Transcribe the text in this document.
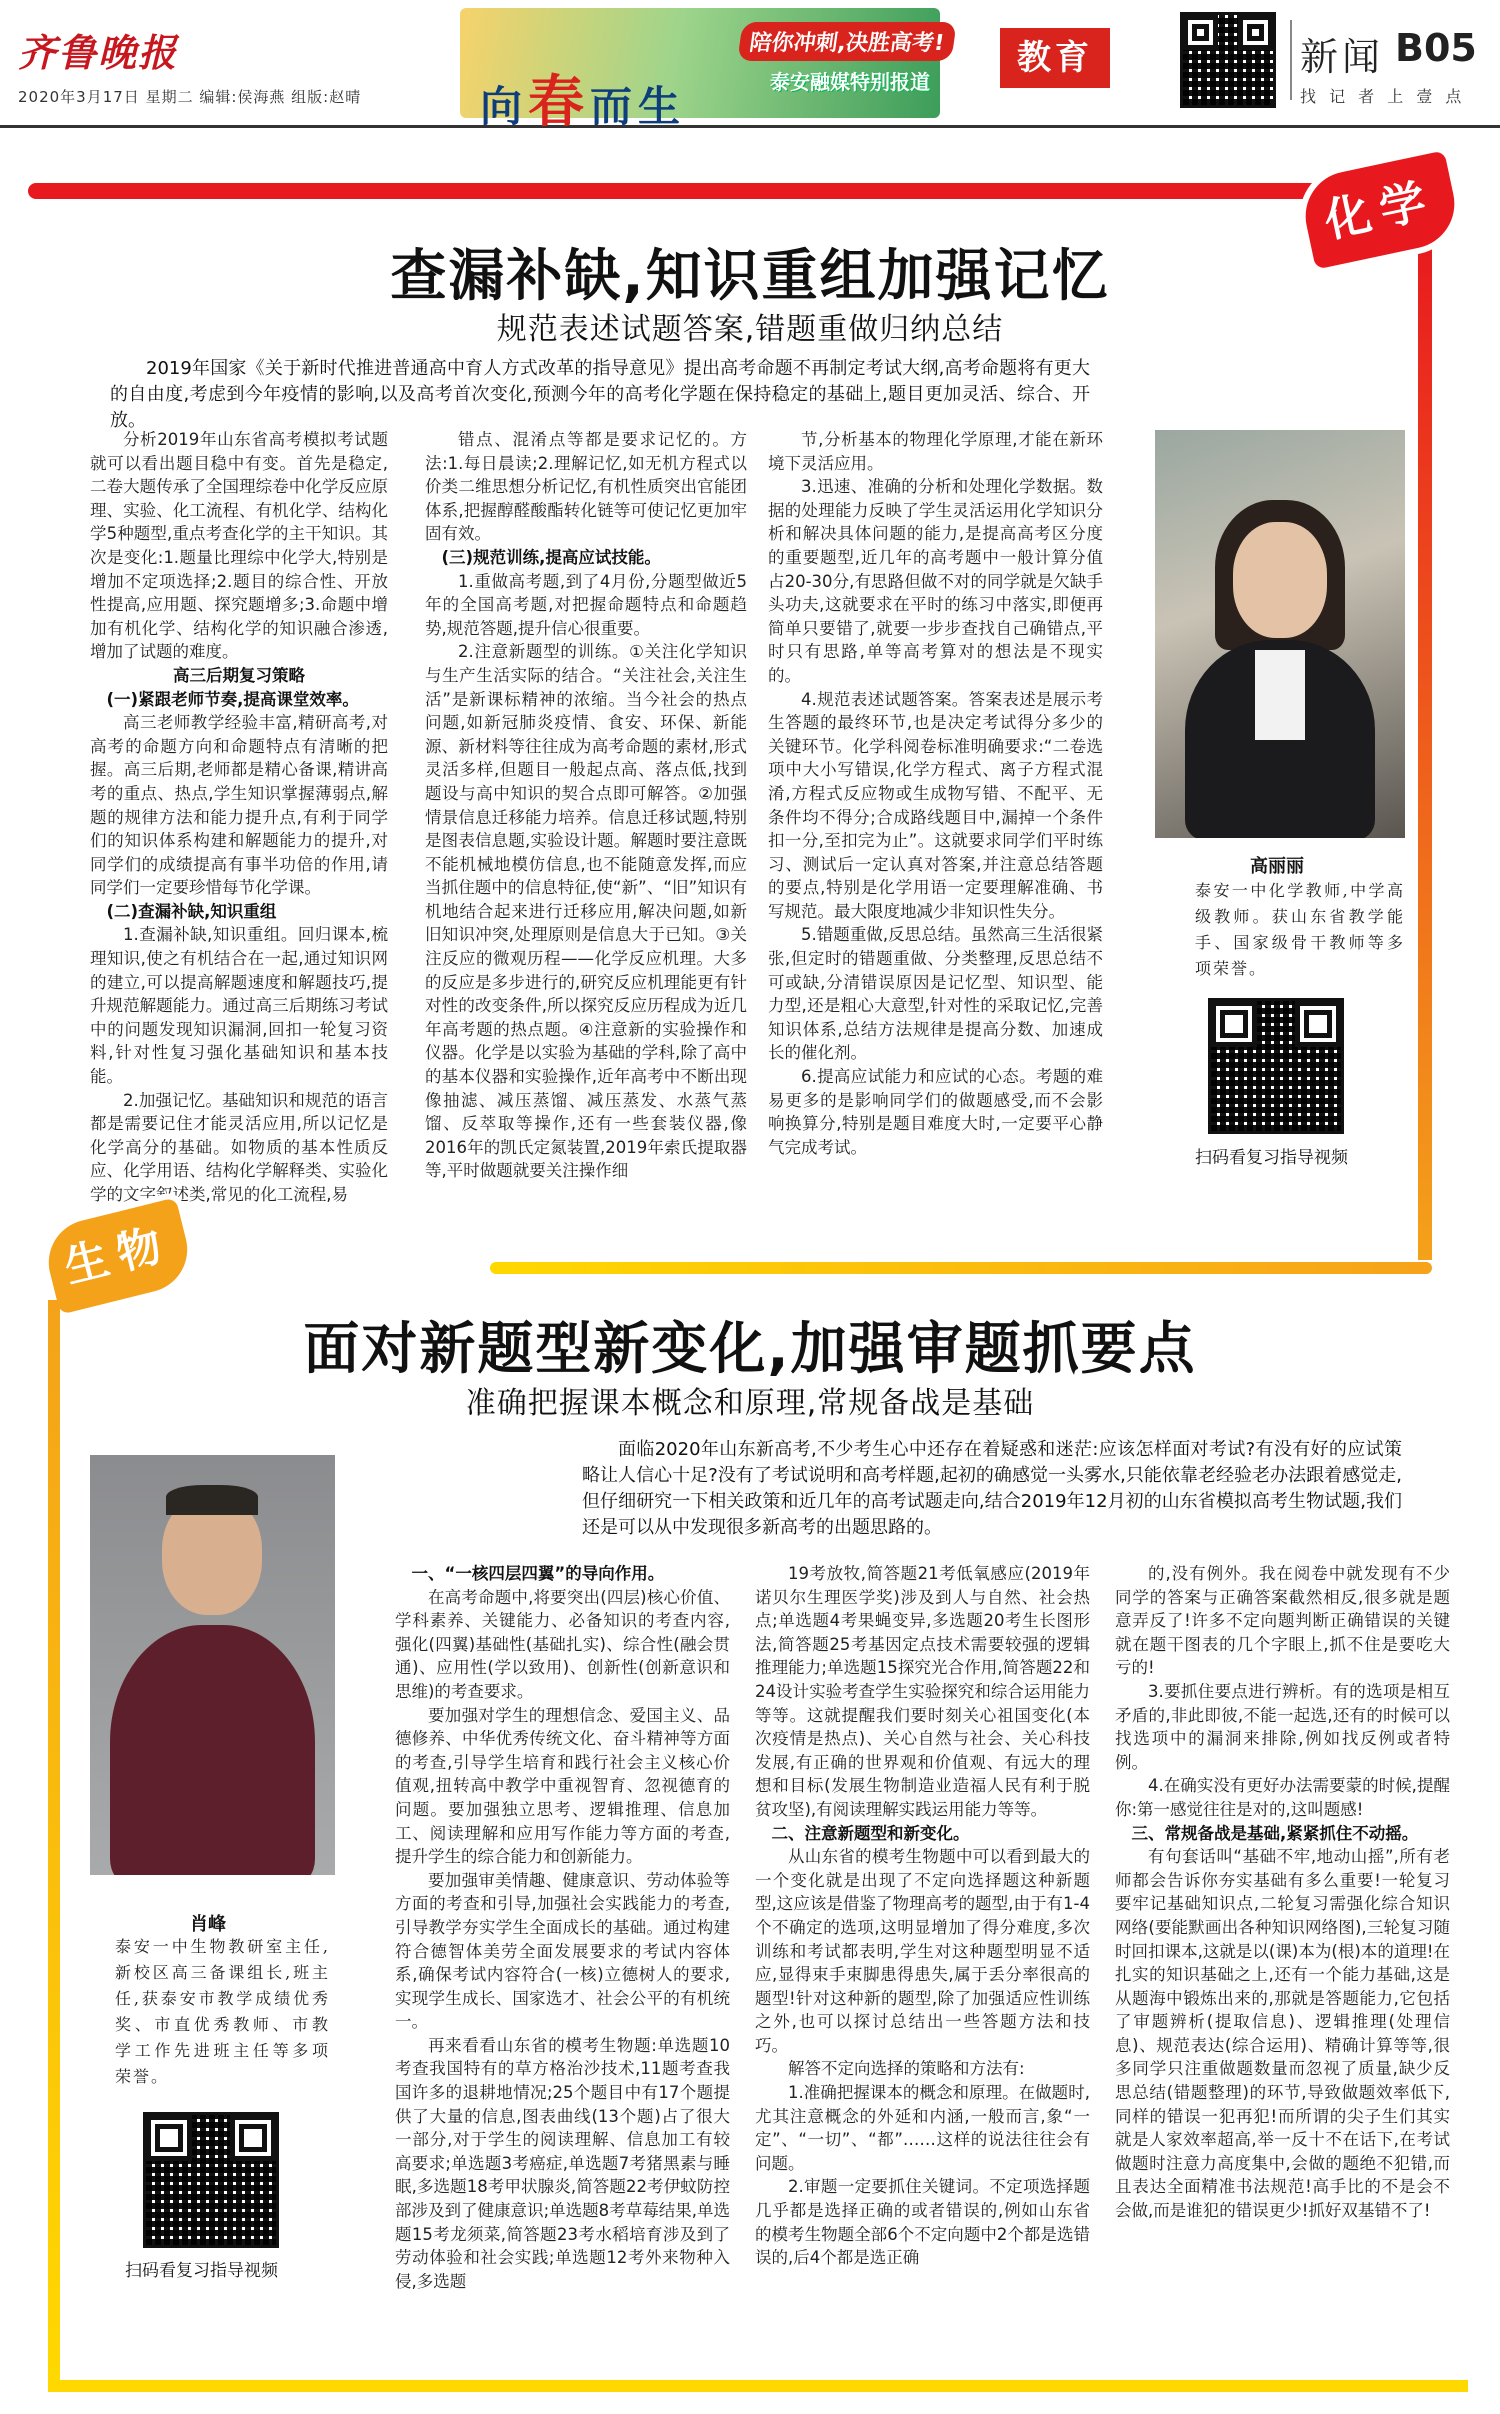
齐鲁晚报
2020年3月17日 星期二 编辑:侯海燕 组版:赵晴	向春而生
陪你冲刺,决胜高考!
泰安融媒特别报道
教育	新闻 B05
找 记 者 上 壹 点
化学
查漏补缺,知识重组加强记忆
规范表述试题答案,错题重做归纳总结
2019年国家《关于新时代推进普通高中育人方式改革的指导意见》提出高考命题不再制定考试大纲,高考命题将有更大的自由度,考虑到今年疫情的影响,以及高考首次变化,预测今年的高考化学题在保持稳定的基础上,题目更加灵活、综合、开放。

分析2019年山东省高考模拟考试题就可以看出题目稳中有变。首先是稳定,二卷大题传承了全国理综卷中化学反应原理、实验、化工流程、有机化学、结构化学5种题型,重点考查化学的主干知识。其次是变化:1.题量比理综中化学大,特别是增加不定项选择;2.题目的综合性、开放性提高,应用题、探究题增多;3.命题中增加有机化学、结构化学的知识融合渗透,增加了试题的难度。

高三后期复习策略

(一)紧跟老师节奏,提高课堂效率。

高三老师教学经验丰富,精研高考,对高考的命题方向和命题特点有清晰的把握。高三后期,老师都是精心备课,精讲高考的重点、热点,学生知识掌握薄弱点,解题的规律方法和能力提升点,有利于同学们的知识体系构建和解题能力的提升,对同学们的成绩提高有事半功倍的作用,请同学们一定要珍惜每节化学课。

(二)查漏补缺,知识重组

1.查漏补缺,知识重组。回归课本,梳理知识,使之有机结合在一起,通过知识网的建立,可以提高解题速度和解题技巧,提升规范解题能力。通过高三后期练习考试中的问题发现知识漏洞,回扣一轮复习资料,针对性复习强化基础知识和基本技能。

2.加强记忆。基础知识和规范的语言都是需要记住才能灵活应用,所以记忆是化学高分的基础。如物质的基本性质反应、化学用语、结构化学解释类、实验化学的文字叙述类,常见的化工流程,易

错点、混淆点等都是要求记忆的。方法:1.每日晨读;2.理解记忆,如无机方程式以价类二维思想分析记忆,有机性质突出官能团体系,把握醇醛酸酯转化链等可使记忆更加牢固有效。

(三)规范训练,提高应试技能。

1.重做高考题,到了4月份,分题型做近5年的全国高考题,对把握命题特点和命题趋势,规范答题,提升信心很重要。

2.注意新题型的训练。①关注化学知识与生产生活实际的结合。“关注社会,关注生活”是新课标精神的浓缩。当今社会的热点问题,如新冠肺炎疫情、食安、环保、新能源、新材料等往往成为高考命题的素材,形式灵活多样,但题目一般起点高、落点低,找到题设与高中知识的契合点即可解答。②加强情景信息迁移能力培养。信息迁移试题,特别是图表信息题,实验设计题。解题时要注意既不能机械地模仿信息,也不能随意发挥,而应当抓住题中的信息特征,使“新”、“旧”知识有机地结合起来进行迁移应用,解决问题,如新旧知识冲突,处理原则是信息大于已知。③关注反应的微观历程——化学反应机理。大多的反应是多步进行的,研究反应机理能更有针对性的改变条件,所以探究反应历程成为近几年高考题的热点题。④注意新的实验操作和仪器。化学是以实验为基础的学科,除了高中的基本仪器和实验操作,近年高考中不断出现像抽滤、减压蒸馏、减压蒸发、水蒸气蒸馏、反萃取等操作,还有一些套装仪器,像2016年的凯氏定氮装置,2019年索氏提取器等,平时做题就要关注操作细

节,分析基本的物理化学原理,才能在新环境下灵活应用。

3.迅速、准确的分析和处理化学数据。数据的处理能力反映了学生灵活运用化学知识分析和解决具体问题的能力,是提高高考区分度的重要题型,近几年的高考题中一般计算分值占20-30分,有思路但做不对的同学就是欠缺手头功夫,这就要求在平时的练习中落实,即便再简单只要错了,就要一步步查找自己确错点,平时只有思路,单等高考算对的想法是不现实的。

4.规范表述试题答案。答案表述是展示考生答题的最终环节,也是决定考试得分多少的关键环节。化学科阅卷标准明确要求:“二卷选项中大小写错误,化学方程式、离子方程式混淆,方程式反应物或生成物写错、不配平、无条件均不得分;合成路线题目中,漏掉一个条件扣一分,至扣完为止”。这就要求同学们平时练习、测试后一定认真对答案,并注意总结答题的要点,特别是化学用语一定要理解准确、书写规范。最大限度地减少非知识性失分。

5.错题重做,反思总结。虽然高三生活很紧张,但定时的错题重做、分类整理,反思总结不可或缺,分清错误原因是记忆型、知识型、能力型,还是粗心大意型,针对性的采取记忆,完善知识体系,总结方法规律是提高分数、加速成长的催化剂。

6.提高应试能力和应试的心态。考题的难易更多的是影响同学们的做题感受,而不会影响换算分,特别是题目难度大时,一定要平心静气完成考试。

高丽丽
泰安一中化学教师,中学高级教师。获山东省教学能手、国家级骨干教师等多项荣誉。
扫码看复习指导视频
生物
面对新题型新变化,加强审题抓要点
准确把握课本概念和原理,常规备战是基础
面临2020年山东新高考,不少考生心中还存在着疑惑和迷茫:应该怎样面对考试?有没有好的应试策略让人信心十足?没有了考试说明和高考样题,起初的确感觉一头雾水,只能依靠老经验老办法跟着感觉走,但仔细研究一下相关政策和近几年的高考试题走向,结合2019年12月初的山东省模拟高考生物试题,我们还是可以从中发现很多新高考的出题思路的。
肖峰
泰安一中生物教研室主任,新校区高三备课组长,班主任,获泰安市教学成绩优秀奖、市直优秀教师、市教学工作先进班主任等多项荣誉。
扫码看复习指导视频

一、“一核四层四翼”的导向作用。

在高考命题中,将要突出(四层)核心价值、学科素养、关键能力、必备知识的考查内容,强化(四翼)基础性(基础扎实)、综合性(融会贯通)、应用性(学以致用)、创新性(创新意识和思维)的考查要求。

要加强对学生的理想信念、爱国主义、品德修养、中华优秀传统文化、奋斗精神等方面的考查,引导学生培育和践行社会主义核心价值观,扭转高中教学中重视智育、忽视德育的问题。要加强独立思考、逻辑推理、信息加工、阅读理解和应用写作能力等方面的考查,提升学生的综合能力和创新能力。

要加强审美情趣、健康意识、劳动体验等方面的考查和引导,加强社会实践能力的考查,引导教学夯实学生全面成长的基础。通过构建符合德智体美劳全面发展要求的考试内容体系,确保考试内容符合(一核)立德树人的要求,实现学生成长、国家选才、社会公平的有机统一。

再来看看山东省的模考生物题:单选题10考查我国特有的草方格治沙技术,11题考查我国许多的退耕地情况;25个题目中有17个题提供了大量的信息,图表曲线(13个题)占了很大一部分,对于学生的阅读理解、信息加工有较高要求;单选题3考癌症,单选题7考猪黑素与睡眠,多选题18考甲状腺炎,简答题22考伊蚊防控部涉及到了健康意识;单选题8考草莓结果,单选题15考龙须菜,简答题23考水稻培育涉及到了劳动体验和社会实践;单选题12考外来物种入侵,多选题

19考放牧,简答题21考低氧感应(2019年诺贝尔生理医学奖)涉及到人与自然、社会热点;单选题4考果蝇变异,多选题20考生长图形法,简答题25考基因定点技术需要较强的逻辑推理能力;单选题15探究光合作用,简答题22和24设计实验考查学生实验探究和综合运用能力等等。这就提醒我们要时刻关心祖国变化(本次疫情是热点)、关心自然与社会、关心科技发展,有正确的世界观和价值观、有远大的理想和目标(发展生物制造业造福人民有利于脱贫攻坚),有阅读理解实践运用能力等等。

二、注意新题型和新变化。

从山东省的模考生物题中可以看到最大的一个变化就是出现了不定向选择题这种新题型,这应该是借鉴了物理高考的题型,由于有1-4个不确定的选项,这明显增加了得分难度,多次训练和考试都表明,学生对这种题型明显不适应,显得束手束脚患得患失,属于丢分率很高的题型!针对这种新的题型,除了加强适应性训练之外,也可以探讨总结出一些答题方法和技巧。

解答不定向选择的策略和方法有:

1.准确把握课本的概念和原理。在做题时,尤其注意概念的外延和内涵,一般而言,象“一定”、“一切”、“都”……这样的说法往往会有问题。

2.审题一定要抓住关键词。不定项选择题几乎都是选择正确的或者错误的,例如山东省的模考生物题全部6个不定向题中2个都是选错误的,后4个都是选正确

的,没有例外。我在阅卷中就发现有不少同学的答案与正确答案截然相反,很多就是题意弄反了!许多不定向题判断正确错误的关键就在题干图表的几个字眼上,抓不住是要吃大亏的!

3.要抓住要点进行辨析。有的选项是相互矛盾的,非此即彼,不能一起选,还有的时候可以找选项中的漏洞来排除,例如找反例或者特例。

4.在确实没有更好办法需要蒙的时候,提醒你:第一感觉往往是对的,这叫题感!

三、常规备战是基础,紧紧抓住不动摇。

有句套话叫“基础不牢,地动山摇”,所有老师都会告诉你夯实基础有多么重要!一轮复习要牢记基础知识点,二轮复习需强化综合知识网络(要能默画出各种知识网络图),三轮复习随时回扣课本,这就是以(课)本为(根)本的道理!在扎实的知识基础之上,还有一个能力基础,这是从题海中锻炼出来的,那就是答题能力,它包括了审题辨析(提取信息)、逻辑推理(处理信息)、规范表达(综合运用)、精确计算等等,很多同学只注重做题数量而忽视了质量,缺少反思总结(错题整理)的环节,导致做题效率低下,同样的错误一犯再犯!而所谓的尖子生们其实就是人家效率超高,举一反十不在话下,在考试做题时注意力高度集中,会做的题绝不犯错,而且表达全面精准书法规范!高手比的不是会不会做,而是谁犯的错误更少!抓好双基错不了!
